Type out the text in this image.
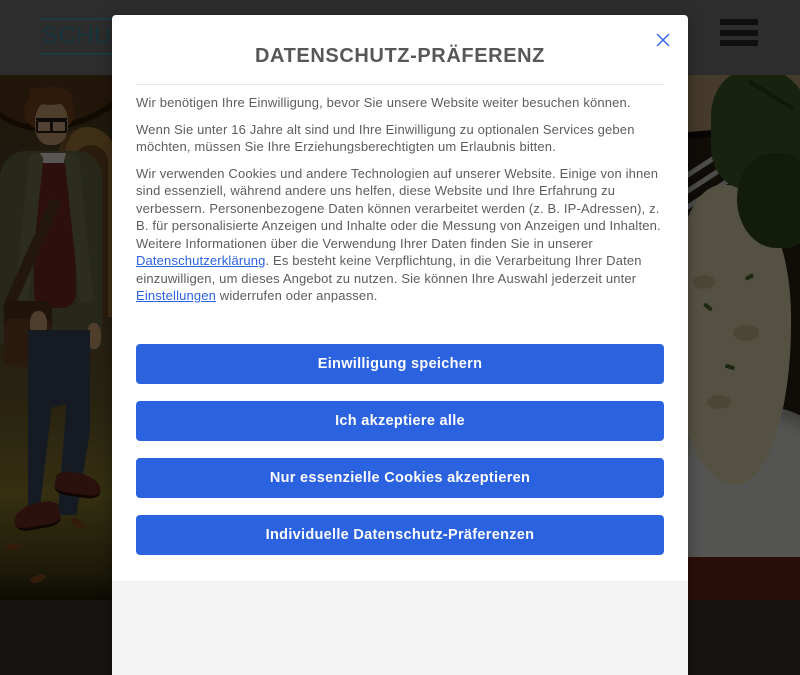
SCHU
DATENSCHUTZ-PRÄFERENZ

Wir benötigen Ihre Einwilligung, bevor Sie unsere Website weiter besuchen können.

Wenn Sie unter 16 Jahre alt sind und Ihre Einwilligung zu optionalen Services geben möchten, müssen Sie Ihre Erziehungsberechtigten um Erlaubnis bitten.

Wir verwenden Cookies und andere Technologien auf unserer Website. Einige von ihnen sind essenziell, während andere uns helfen, diese Website und Ihre Erfahrung zu verbessern. Personenbezogene Daten können verarbeitet werden (z. B. IP-Adressen), z. B. für personalisierte Anzeigen und Inhalte oder die Messung von Anzeigen und Inhalten. Weitere Informationen über die Verwendung Ihrer Daten finden Sie in unserer Datenschutzerklärung. Es besteht keine Verpflichtung, in die Verarbeitung Ihrer Daten einzuwilligen, um dieses Angebot zu nutzen. Sie können Ihre Auswahl jederzeit unter Einstellungen widerrufen oder anpassen.

Einwilligung speichern
Ich akzeptiere alle
Nur essenzielle Cookies akzeptieren
Individuelle Datenschutz-Präferenzen
